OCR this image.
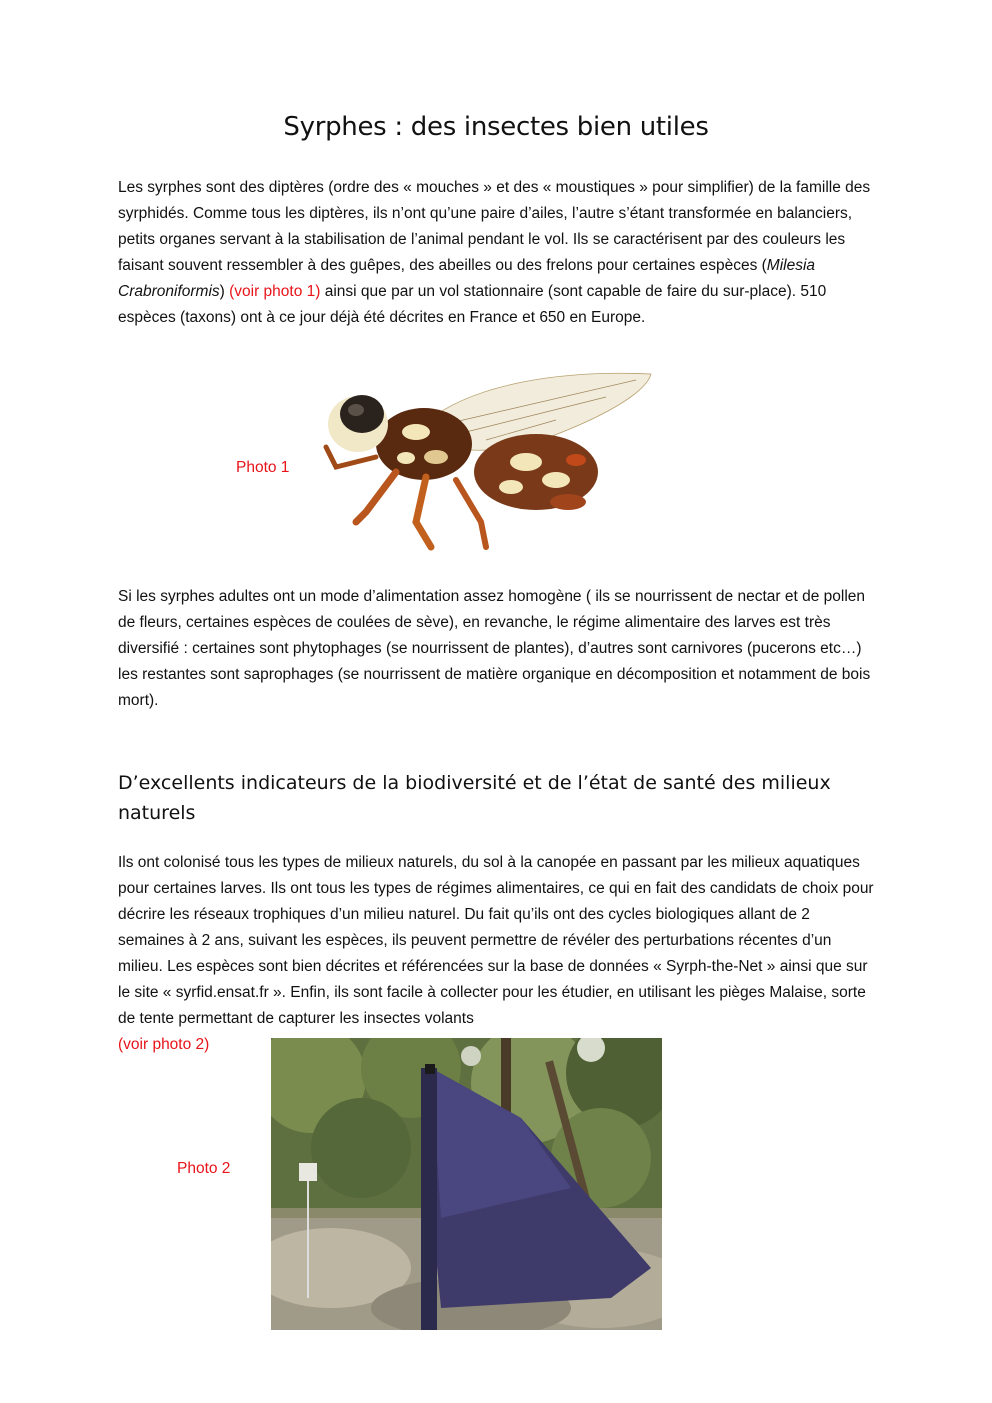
Syrphes : des insectes bien utiles

Les syrphes sont des diptères (ordre des « mouches » et des « moustiques » pour simplifier) de la famille des syrphidés. Comme tous les diptères, ils n’ont qu’une paire d’ailes, l’autre s’étant transformée en balanciers, petits organes servant à la stabilisation de l’animal pendant le vol. Ils se caractérisent par des couleurs les faisant souvent ressembler à des guêpes, des abeilles ou des frelons pour certaines espèces (Milesia Crabroniformis) (voir photo 1) ainsi que par un vol stationnaire (sont capable de faire du sur-place). 510 espèces (taxons) ont à ce jour déjà été décrites en France et 650 en Europe.

Photo 1

Si les syrphes adultes ont un mode d’alimentation assez homogène ( ils se nourrissent de nectar et de pollen de fleurs, certaines espèces de coulées de sève), en revanche, le régime alimentaire des larves est très diversifié : certaines sont phytophages (se nourrissent de plantes), d’autres sont carnivores (pucerons etc…) les restantes sont saprophages (se nourrissent de matière organique en décomposition et notamment de bois mort).

D’excellents indicateurs de la biodiversité et de l’état de santé des milieux naturels

Ils ont colonisé tous les types de milieux naturels, du sol à la canopée en passant par les milieux aquatiques pour certaines larves. Ils ont tous les types de régimes alimentaires, ce qui en fait des candidats de choix pour décrire les réseaux trophiques d’un milieu naturel. Du fait qu’ils ont des cycles biologiques allant de 2 semaines à 2 ans, suivant les espèces, ils peuvent permettre de révéler des perturbations récentes d’un milieu. Les espèces sont bien décrites et référencées sur la base de données « Syrph-the-Net » ainsi que sur le site « syrfid.ensat.fr ». Enfin, ils sont facile à collecter pour les étudier, en utilisant les pièges Malaise, sorte de tente permettant de capturer les insectes volants
(voir photo 2)

Photo 2
